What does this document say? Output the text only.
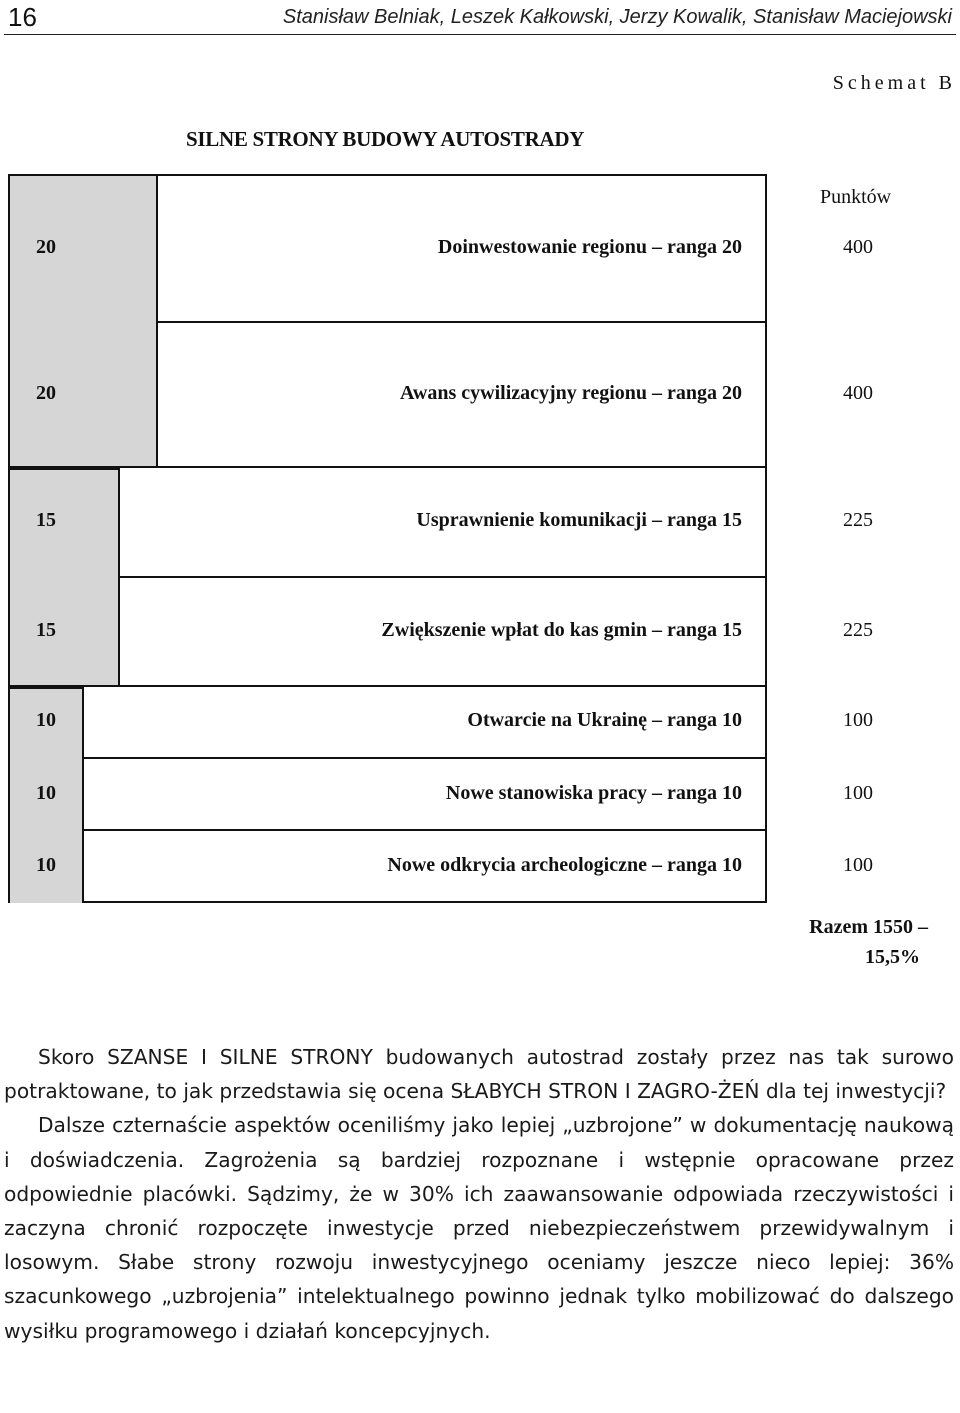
16	Stanisław Belniak, Leszek Kałkowski, Jerzy Kowalik, Stanisław Maciejowski
Schemat B
SILNE STRONY BUDOWY AUTOSTRADY
Punktów
20	Doinwestowanie regionu – ranga 20	400
20	Awans cywilizacyjny regionu – ranga 20	400
15	Usprawnienie komunikacji – ranga 15	225
15	Zwiększenie wpłat do kas gmin – ranga 15	225
10	Otwarcie na Ukrainę – ranga 10	100
10	Nowe stanowiska pracy – ranga 10	100
10	Nowe odkrycia archeologiczne – ranga 10	100
Razem 1550 –
15,5%

Skoro SZANSE I SILNE STRONY budowanych autostrad zostały przez nas tak surowo potraktowane, to jak przedstawia się ocena SŁABYCH STRON I ZAGRO-ŻEŃ dla tej inwestycji?

Dalsze czternaście aspektów oceniliśmy jako lepiej „uzbrojone” w dokumentację naukową i doświadczenia. Zagrożenia są bardziej rozpoznane i wstępnie opracowane przez odpowiednie placówki. Sądzimy, że w 30% ich zaawansowanie odpowiada rzeczywistości i zaczyna chronić rozpoczęte inwestycje przed niebezpieczeństwem przewidywalnym i losowym. Słabe strony rozwoju inwestycyjnego oceniamy jeszcze nieco lepiej: 36% szacunkowego „uzbrojenia” intelektualnego powinno jednak tylko mobilizować do dalszego wysiłku programowego i działań koncepcyjnych.
